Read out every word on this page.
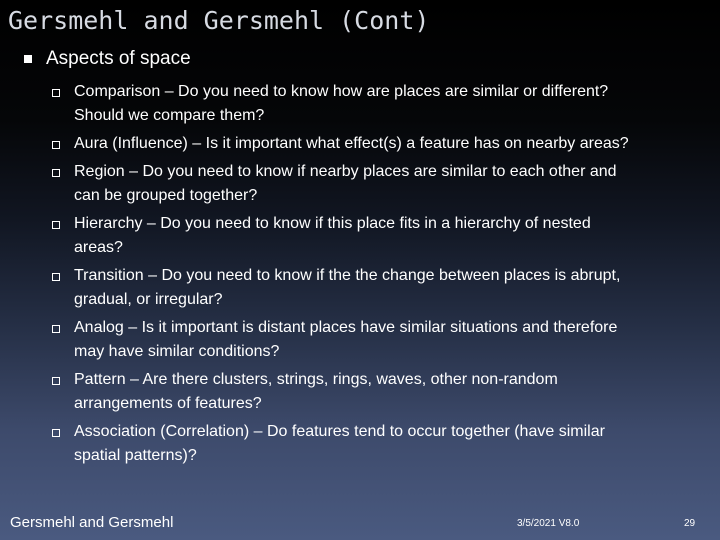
Gersmehl and Gersmehl (Cont)
Aspects of space
Comparison – Do you need to know how are places are similar or different? Should we compare them?
Aura (Influence) – Is it important what effect(s) a feature has on nearby areas?
Region – Do you need to know if nearby places are similar to each other and can be grouped together?
Hierarchy – Do you need to know if this place fits in a hierarchy of nested areas?
Transition – Do you need to know if the the change between places is abrupt, gradual, or irregular?
Analog – Is it important is distant places have similar situations and therefore may have similar conditions?
Pattern – Are there clusters, strings, rings, waves, other non-random arrangements of features?
Association (Correlation) – Do features tend to occur together (have similar spatial patterns)?
Gersmehl and Gersmehl	3/5/2021 V8.0	29
